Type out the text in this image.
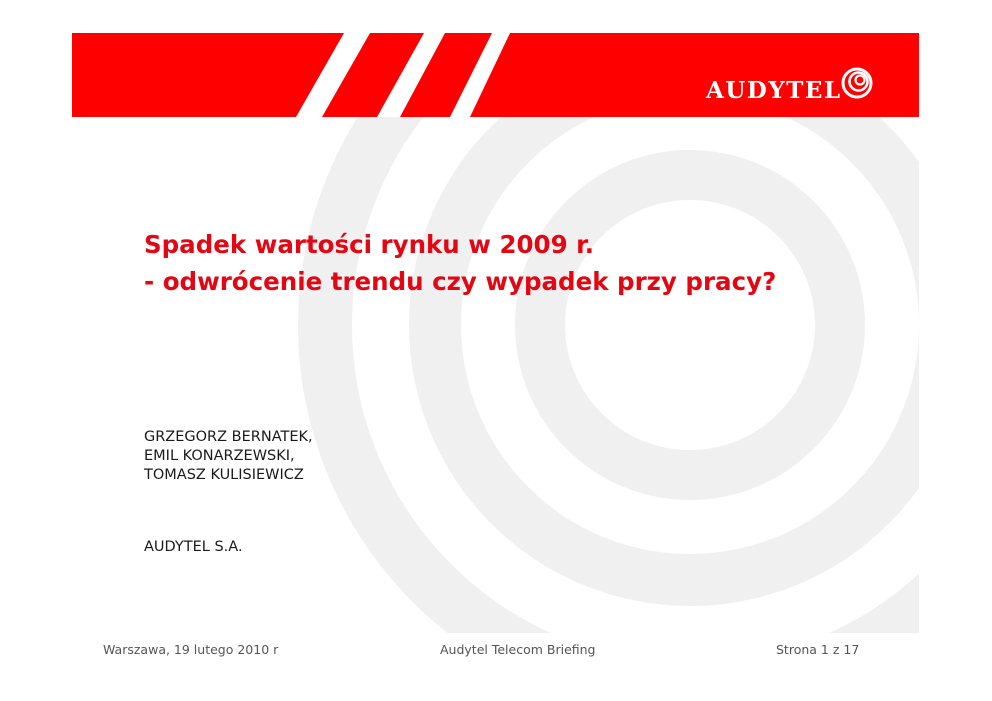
AUDYTEL
Spadek wartości rynku w 2009 r.
- odwrócenie trendu czy wypadek przy pracy?
GRZEGORZ BERNATEK,
EMIL KONARZEWSKI,
TOMASZ KULISIEWICZ
AUDYTEL S.A.
Warszawa, 19 lutego 2010 r	Audytel Telecom Briefing	Strona 1 z 17
